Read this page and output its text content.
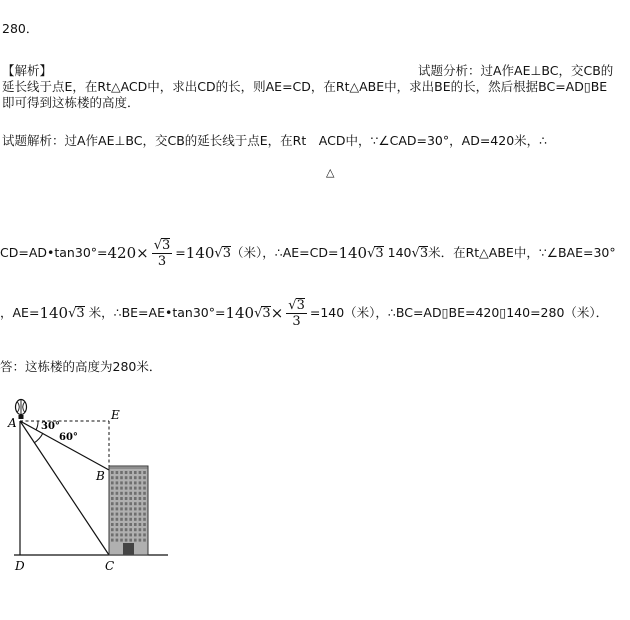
280．
【解析】	试题分析：过A作AE⊥BC，交CB的
延长线于点E，在Rt△ACD中，求出CD的长，则AE=CD，在Rt△ABE中，求出BE的长，然后根据BC=AD▯BE
即可得到这栋楼的高度．
试题解析：过A作AE⊥BC，交CB的延长线于点E，在Rt　ACD中，∵∠CAD=30°，AD=420米，∴
△
CD=AD•tan30°=420× $\frac{√3}{3} =140√3$（米），∴AE=CD=140√3 140√3米．在Rt△ABE中，∵∠BAE=30°
，AE=140√3 米，∴BE=AE•tan30°=140√3× $\frac{√3}{3} =140$（米），∴BC=AD▯BE=420▯140=280（米）．
答：这栋楼的高度为280米．
A
E
B
C
D
30°
60°
